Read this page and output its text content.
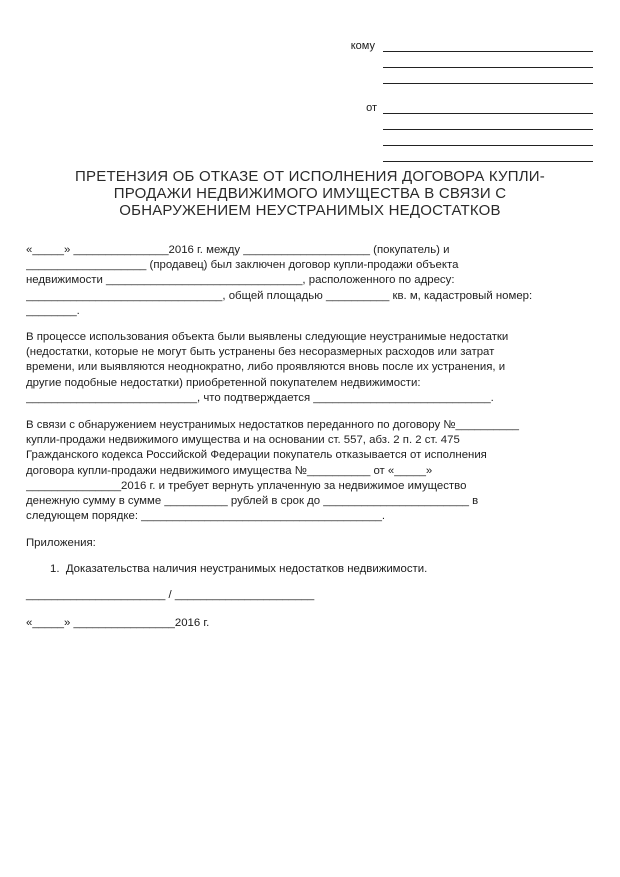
кому
от
ПРЕТЕНЗИЯ ОБ ОТКАЗЕ ОТ ИСПОЛНЕНИЯ ДОГОВОРА КУПЛИ-
ПРОДАЖИ НЕДВИЖИМОГО ИМУЩЕСТВА В СВЯЗИ С
ОБНАРУЖЕНИЕМ НЕУСТРАНИМЫХ НЕДОСТАТКОВ
«_____» _______________2016 г. между ____________________ (покупатель) и
___________________ (продавец) был заключен договор купли-продажи объекта
недвижимости _______________________________, расположенного по адресу:
_______________________________, общей площадью __________ кв. м, кадастровый номер:
________.
В процессе использования объекта были выявлены следующие неустранимые недостатки
(недостатки, которые не могут быть устранены без несоразмерных расходов или затрат
времени, или выявляются неоднократно, либо проявляются вновь после их устранения, и
другие подобные недостатки) приобретенной покупателем недвижимости:
___________________________, что подтверждается ____________________________.
В связи с обнаружением неустранимых недостатков переданного по договору №__________
купли-продажи недвижимого имущества и на основании ст. 557, абз. 2 п. 2 ст. 475
Гражданского кодекса Российской Федерации покупатель отказывается от исполнения
договора купли-продажи недвижимого имущества №__________ от «_____»
_______________2016 г. и требует вернуть уплаченную за недвижимое имущество
денежную сумму в сумме __________ рублей в срок до _______________________ в
следующем порядке: ______________________________________.
Приложения:
1.  Доказательства наличия неустранимых недостатков недвижимости.
______________________ / ______________________
«_____» ________________2016 г.
